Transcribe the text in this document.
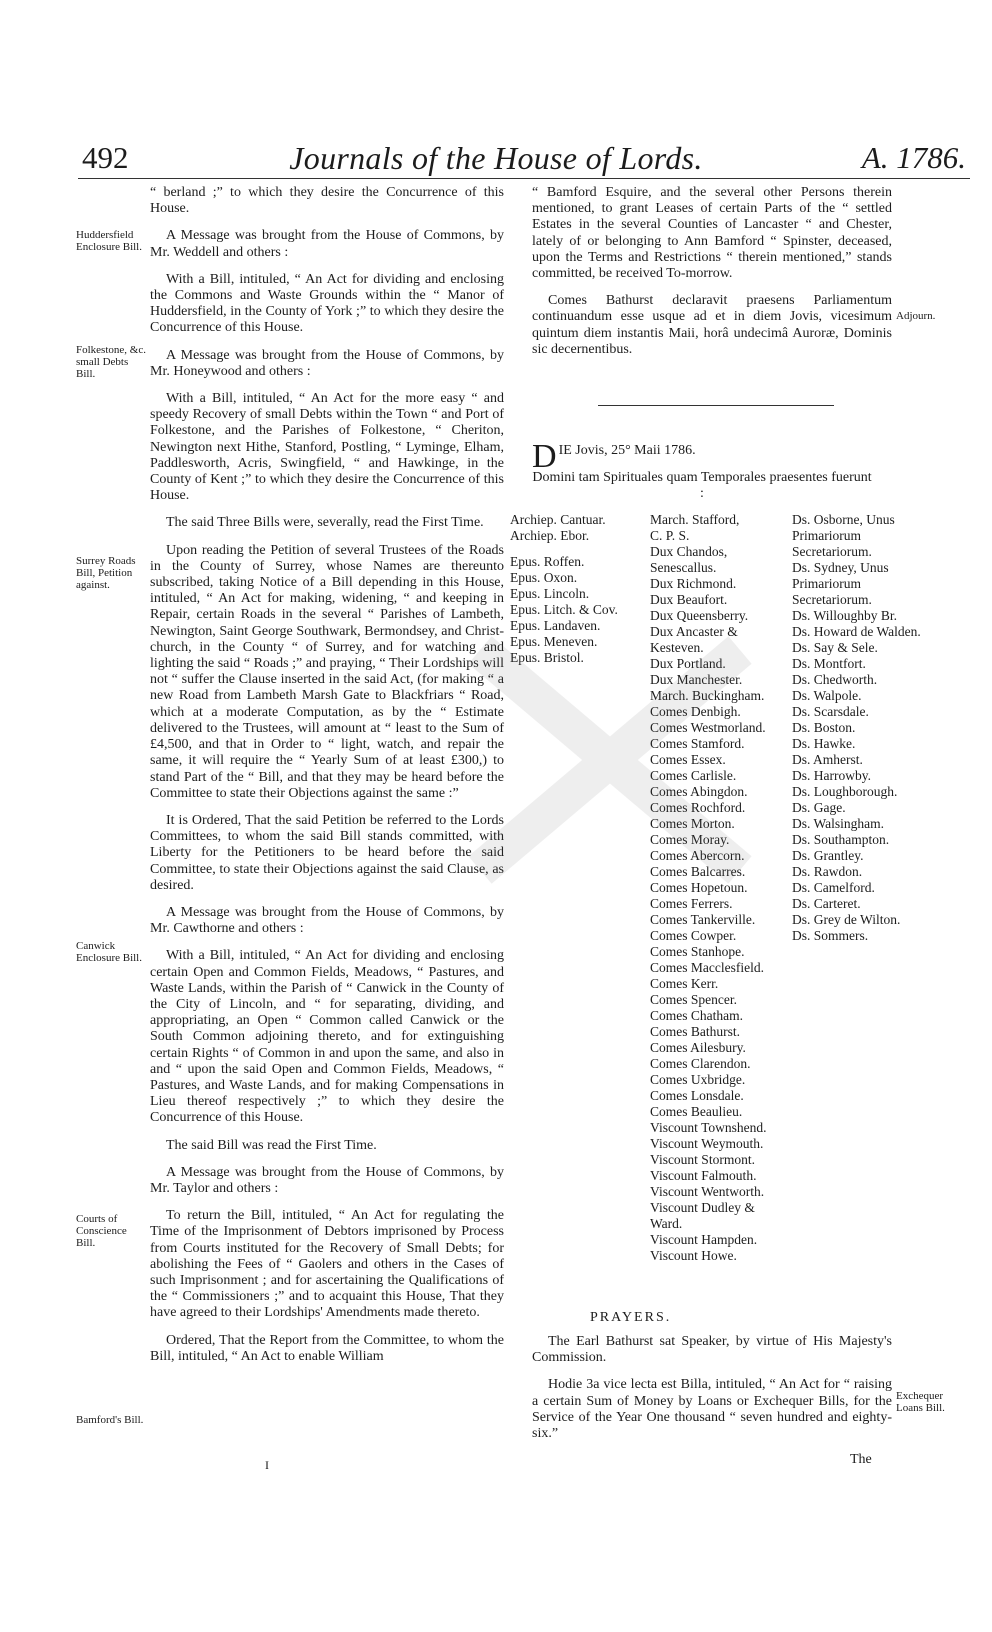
492	Journals of the House of Lords.	A. 1786.
Huddersfield Enclosure Bill.
Folkestone, &c. small Debts Bill.
Surrey Roads Bill, Petition against.
Canwick Enclosure Bill.
Courts of Conscience Bill.
Bamford's Bill.
Adjourn.
Exchequer Loans Bill.

“ berland ;” to which they desire the Concurrence of this House.

A Message was brought from the House of Commons, by Mr. Weddell and others :

With a Bill, intituled, “ An Act for dividing and enclosing the Commons and Waste Grounds within the “ Manor of Huddersfield, in the County of York ;” to which they desire the Concurrence of this House.

A Message was brought from the House of Commons, by Mr. Honeywood and others :

With a Bill, intituled, “ An Act for the more easy “ and speedy Recovery of small Debts within the Town “ and Port of Folkestone, and the Parishes of Folkestone, “ Cheriton, Newington next Hithe, Stanford, Postling, “ Lyminge, Elham, Paddlesworth, Acris, Swingfield, “ and Hawkinge, in the County of Kent ;” to which they desire the Concurrence of this House.

The said Three Bills were, severally, read the First Time.

Upon reading the Petition of several Trustees of the Roads in the County of Surrey, whose Names are thereunto subscribed, taking Notice of a Bill depending in this House, intituled, “ An Act for making, widening, “ and keeping in Repair, certain Roads in the several “ Parishes of Lambeth, Newington, Saint George Southwark, Bermondsey, and Christ-church, in the County “ of Surrey, and for watching and lighting the said “ Roads ;” and praying, “ Their Lordships will not “ suffer the Clause inserted in the said Act, (for making “ a new Road from Lambeth Marsh Gate to Blackfriars “ Road, which at a moderate Computation, as by the “ Estimate delivered to the Trustees, will amount at “ least to the Sum of £4,500, and that in Order to “ light, watch, and repair the same, it will require the “ Yearly Sum of at least £300,) to stand Part of the “ Bill, and that they may be heard before the Committee to state their Objections against the same :”

It is Ordered, That the said Petition be referred to the Lords Committees, to whom the said Bill stands committed, with Liberty for the Petitioners to be heard before the said Committee, to state their Objections against the said Clause, as desired.

A Message was brought from the House of Commons, by Mr. Cawthorne and others :

With a Bill, intituled, “ An Act for dividing and enclosing certain Open and Common Fields, Meadows, “ Pastures, and Waste Lands, within the Parish of “ Canwick in the County of the City of Lincoln, and “ for separating, dividing, and appropriating, an Open “ Common called Canwick or the South Common adjoining thereto, and for extinguishing certain Rights “ of Common in and upon the same, and also in and “ upon the said Open and Common Fields, Meadows, “ Pastures, and Waste Lands, and for making Compensations in Lieu thereof respectively ;” to which they desire the Concurrence of this House.

The said Bill was read the First Time.

A Message was brought from the House of Commons, by Mr. Taylor and others :

To return the Bill, intituled, “ An Act for regulating the Time of the Imprisonment of Debtors imprisoned by Process from Courts instituted for the Recovery of Small Debts; for abolishing the Fees of “ Gaolers and others in the Cases of such Imprisonment ; and for ascertaining the Qualifications of the “ Commissioners ;” and to acquaint this House, That they have agreed to their Lordships' Amendments made thereto.

Ordered, That the Report from the Committee, to whom the Bill, intituled, “ An Act to enable William

“ Bamford Esquire, and the several other Persons therein mentioned, to grant Leases of certain Parts of the “ settled Estates in the several Counties of Lancaster “ and Chester, lately of or belonging to Ann Bamford “ Spinster, deceased, upon the Terms and Restrictions “ therein mentioned,” stands committed, be received To-morrow.

Comes Bathurst declaravit praesens Parliamentum continuandum esse usque ad et in diem Jovis, vicesimum quintum diem instantis Maii, horâ undecimâ Auroræ, Dominis sic decernentibus.

DIE Jovis, 25° Maii 1786.
Domini tam Spirituales quam Temporales praesentes fuerunt :
Archiep. Cantuar.
Archiep. Ebor.
Epus. Roffen.
Epus. Oxon.
Epus. Lincoln.
Epus. Litch. & Cov.
Epus. Landaven.
Epus. Meneven.
Epus. Bristol.
March. Stafford,
C. P. S.
Dux Chandos, Senescallus.
Dux Richmond.
Dux Beaufort.
Dux Queensberry.
Dux Ancaster & Kesteven.
Dux Portland.
Dux Manchester.
March. Buckingham.
Comes Denbigh.
Comes Westmorland.
Comes Stamford.
Comes Essex.
Comes Carlisle.
Comes Abingdon.
Comes Rochford.
Comes Morton.
Comes Moray.
Comes Abercorn.
Comes Balcarres.
Comes Hopetoun.
Comes Ferrers.
Comes Tankerville.
Comes Cowper.
Comes Stanhope.
Comes Macclesfield.
Comes Kerr.
Comes Spencer.
Comes Chatham.
Comes Bathurst.
Comes Ailesbury.
Comes Clarendon.
Comes Uxbridge.
Comes Lonsdale.
Comes Beaulieu.
Viscount Townshend.
Viscount Weymouth.
Viscount Stormont.
Viscount Falmouth.
Viscount Wentworth.
Viscount Dudley & Ward.
Viscount Hampden.
Viscount Howe.
Ds. Osborne, Unus Primariorum Secretariorum.
Ds. Sydney, Unus Primariorum Secretariorum.
Ds. Willoughby Br.
Ds. Howard de Walden.
Ds. Say & Sele.
Ds. Montfort.
Ds. Chedworth.
Ds. Walpole.
Ds. Scarsdale.
Ds. Boston.
Ds. Hawke.
Ds. Amherst.
Ds. Harrowby.
Ds. Loughborough.
Ds. Gage.
Ds. Walsingham.
Ds. Southampton.
Ds. Grantley.
Ds. Rawdon.
Ds. Camelford.
Ds. Carteret.
Ds. Grey de Wilton.
Ds. Sommers.
PRAYERS.

The Earl Bathurst sat Speaker, by virtue of His Majesty's Commission.

Hodie 3a vice lecta est Billa, intituled, “ An Act for “ raising a certain Sum of Money by Loans or Exchequer Bills, for the Service of the Year One thousand “ seven hundred and eighty-six.”

I	The
